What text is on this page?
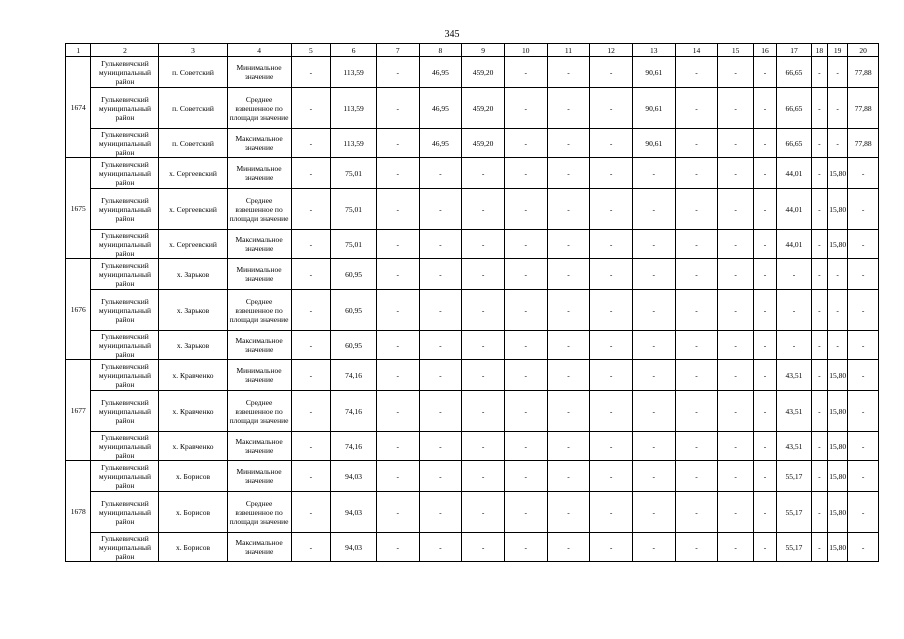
345
1	2	3	4	5	6	7	8	9	10	11	12	13	14	15	16	17	18	19	20
1674	Гулькевичский муниципальный район	п. Советский	Минимальное значение	-	113,59	-	46,95	459,20	-	-	-	90,61	-	-	-	66,65	-	-	77,88
	Гулькевичский муниципальный район	п. Советский	Среднее взвешенное по площади значение	-	113,59	-	46,95	459,20	-	-	-	90,61	-	-	-	66,65	-	-	77,88
	Гулькевичский муниципальный район	п. Советский	Максимальное значение	-	113,59	-	46,95	459,20	-	-	-	90,61	-	-	-	66,65	-	-	77,88
1675	Гулькевичский муниципальный район	х. Сергеевский	Минимальное значение	-	75,01	-	-	-	-	-	-	-	-	-	-	44,01	-	15,80	-
	Гулькевичский муниципальный район	х. Сергеевский	Среднее взвешенное по площади значение	-	75,01	-	-	-	-	-	-	-	-	-	-	44,01	-	15,80	-
	Гулькевичский муниципальный район	х. Сергеевский	Максимальное значение	-	75,01	-	-	-	-	-	-	-	-	-	-	44,01	-	15,80	-
1676	Гулькевичский муниципальный район	х. Зарьков	Минимальное значение	-	60,95	-	-	-	-	-	-	-	-	-	-	-	-	-	-
	Гулькевичский муниципальный район	х. Зарьков	Среднее взвешенное по площади значение	-	60,95	-	-	-	-	-	-	-	-	-	-	-	-	-	-
	Гулькевичский муниципальный район	х. Зарьков	Максимальное значение	-	60,95	-	-	-	-	-	-	-	-	-	-	-	-	-	-
1677	Гулькевичский муниципальный район	х. Кравченко	Минимальное значение	-	74,16	-	-	-	-	-	-	-	-	-	-	43,51	-	15,80	-
	Гулькевичский муниципальный район	х. Кравченко	Среднее взвешенное по площади значение	-	74,16	-	-	-	-	-	-	-	-	-	-	43,51	-	15,80	-
	Гулькевичский муниципальный район	х. Кравченко	Максимальное значение	-	74,16	-	-	-	-	-	-	-	-	-	-	43,51	-	15,80	-
1678	Гулькевичский муниципальный район	х. Борисов	Минимальное значение	-	94,03	-	-	-	-	-	-	-	-	-	-	55,17	-	15,80	-
	Гулькевичский муниципальный район	х. Борисов	Среднее взвешенное по площади значение	-	94,03	-	-	-	-	-	-	-	-	-	-	55,17	-	15,80	-
	Гулькевичский муниципальный район	х. Борисов	Максимальное значение	-	94,03	-	-	-	-	-	-	-	-	-	-	55,17	-	15,80	-
